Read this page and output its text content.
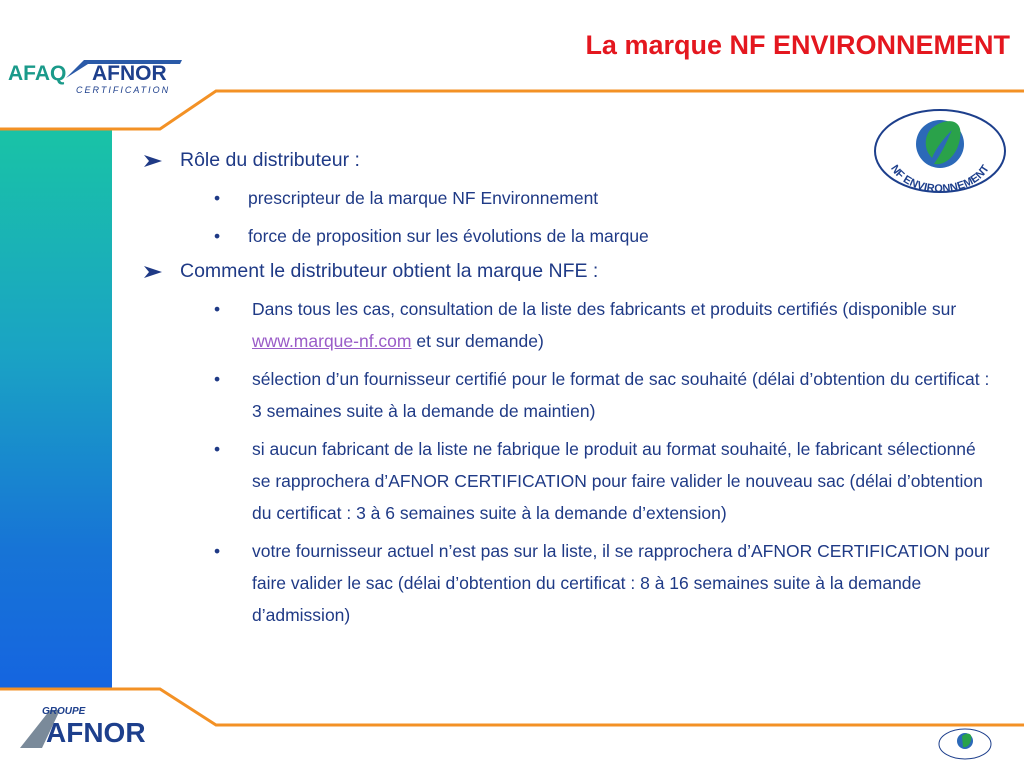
La marque NF ENVIRONNEMENT
AFAQ AFNOR
CERTIFICATION
NF ENVIRONNEMENT
Rôle du distributeur :
• prescripteur de la marque NF Environnement
• force de proposition sur les évolutions de la marque
Comment le distributeur obtient la marque NFE :
• Dans tous les cas, consultation de la liste des fabricants et produits certifiés (disponible sur www.marque-nf.com et sur demande)
• sélection d’un fournisseur certifié pour le format de sac souhaité (délai d’obtention du certificat : 3 semaines suite à la demande de maintien)
• si aucun fabricant de la liste ne fabrique le produit au format souhaité, le fabricant sélectionné se rapprochera d’AFNOR CERTIFICATION pour faire valider le nouveau sac (délai d’obtention du certificat : 3 à 6 semaines suite à la demande d’extension)
• votre fournisseur actuel n’est pas sur la liste, il se rapprochera d’AFNOR CERTIFICATION pour faire valider le sac (délai d’obtention du certificat : 8 à 16 semaines suite à la demande d’admission)
GROUPE
AFNOR
